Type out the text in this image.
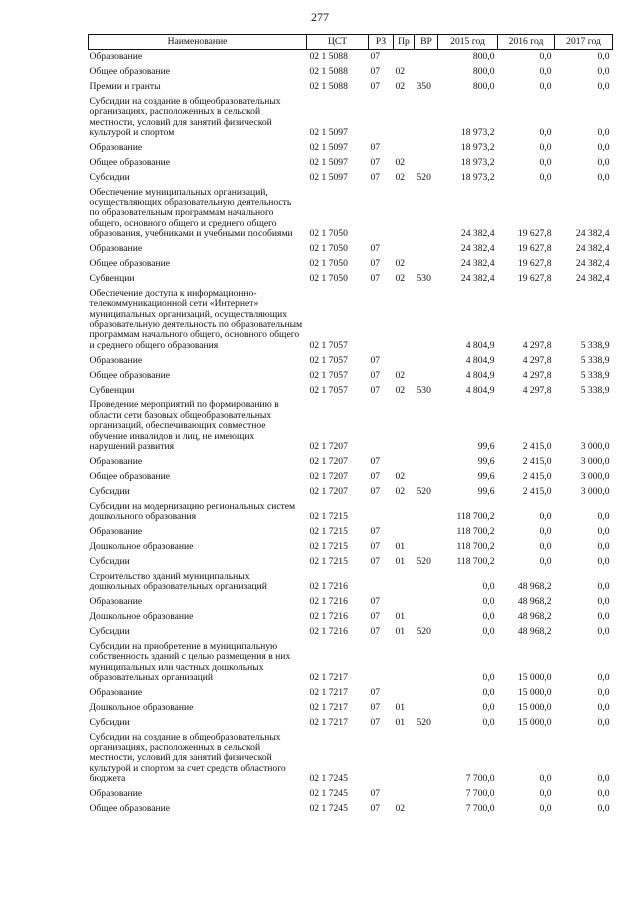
277
Наименование	ЦСТ	РЗ	Пр	ВР	2015 год	2016 год	2017 год
Образование	02 1 5088	07			800,0	0,0	0,0
Общее образование	02 1 5088	07	02		800,0	0,0	0,0
Премии и гранты	02 1 5088	07	02	350	800,0	0,0	0,0
Субсидии на создание в общеобразовательных организациях, расположенных в сельской местности, условий для занятий физической культурой и спортом	02 1 5097				18 973,2	0,0	0,0
Образование	02 1 5097	07			18 973,2	0,0	0,0
Общее образование	02 1 5097	07	02		18 973,2	0,0	0,0
Субсидии	02 1 5097	07	02	520	18 973,2	0,0	0,0
Обеспечение муниципальных организаций, осуществляющих образовательную деятельность по образовательным программам начального общего, основного общего и среднего общего образования, учебниками и учебными пособиями	02 1 7050				24 382,4	19 627,8	24 382,4
Образование	02 1 7050	07			24 382,4	19 627,8	24 382,4
Общее образование	02 1 7050	07	02		24 382,4	19 627,8	24 382,4
Субвенции	02 1 7050	07	02	530	24 382,4	19 627,8	24 382,4
Обеспечение доступа к информационно-телекоммуникационной сети «Интернет» муниципальных организаций, осуществляющих образовательную деятельность по образовательным программам начального общего, основного общего и среднего общего образования	02 1 7057				4 804,9	4 297,8	5 338,9
Образование	02 1 7057	07			4 804,9	4 297,8	5 338,9
Общее образование	02 1 7057	07	02		4 804,9	4 297,8	5 338,9
Субвенции	02 1 7057	07	02	530	4 804,9	4 297,8	5 338,9
Проведение мероприятий по формированию в области сети базовых общеобразовательных организаций, обеспечивающих совместное обучение инвалидов и лиц, не имеющих нарушений развития	02 1 7207				99,6	2 415,0	3 000,0
Образование	02 1 7207	07			99,6	2 415,0	3 000,0
Общее образование	02 1 7207	07	02		99,6	2 415,0	3 000,0
Субсидии	02 1 7207	07	02	520	99,6	2 415,0	3 000,0
Субсидии на модернизацию региональных систем дошкольного образования	02 1 7215				118 700,2	0,0	0,0
Образование	02 1 7215	07			118 700,2	0,0	0,0
Дошкольное образование	02 1 7215	07	01		118 700,2	0,0	0,0
Субсидии	02 1 7215	07	01	520	118 700,2	0,0	0,0
Строительство зданий муниципальных дошкольных образовательных организаций	02 1 7216				0,0	48 968,2	0,0
Образование	02 1 7216	07			0,0	48 968,2	0,0
Дошкольное образование	02 1 7216	07	01		0,0	48 968,2	0,0
Субсидии	02 1 7216	07	01	520	0,0	48 968,2	0,0
Субсидии на приобретение в муниципальную собственность зданий с целью размещения в них муниципальных или частных дошкольных образовательных организаций	02 1 7217				0,0	15 000,0	0,0
Образование	02 1 7217	07			0,0	15 000,0	0,0
Дошкольное образование	02 1 7217	07	01		0,0	15 000,0	0,0
Субсидии	02 1 7217	07	01	520	0,0	15 000,0	0,0
Субсидии на создание в общеобразовательных организациях, расположенных в сельской местности, условий для занятий физической культурой и спортом за счет средств областного бюджета	02 1 7245				7 700,0	0,0	0,0
Образование	02 1 7245	07			7 700,0	0,0	0,0
Общее образование	02 1 7245	07	02		7 700,0	0,0	0,0
